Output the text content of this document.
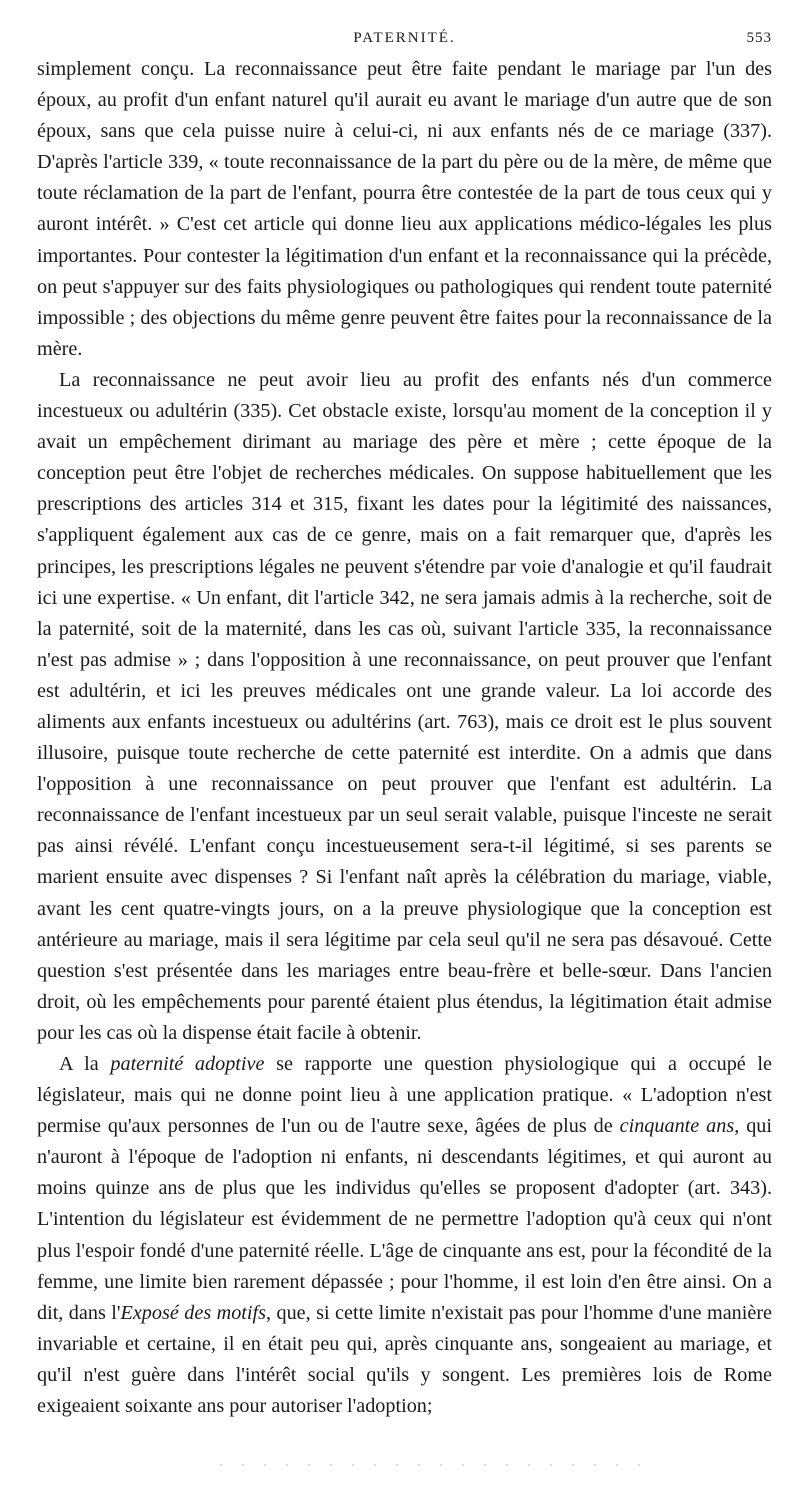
PATERNITÉ.	553

simplement conçu. La reconnaissance peut être faite pendant le mariage par l'un des époux, au profit d'un enfant naturel qu'il aurait eu avant le mariage d'un autre que de son époux, sans que cela puisse nuire à celui-ci, ni aux enfants nés de ce mariage (337). D'après l'article 339, « toute reconnaissance de la part du père ou de la mère, de même que toute réclamation de la part de l'enfant, pourra être contestée de la part de tous ceux qui y auront intérêt. » C'est cet article qui donne lieu aux applications médico-légales les plus importantes. Pour contester la légitimation d'un enfant et la reconnaissance qui la précède, on peut s'appuyer sur des faits physiologiques ou pathologiques qui rendent toute paternité impossible ; des objections du même genre peuvent être faites pour la reconnaissance de la mère.

La reconnaissance ne peut avoir lieu au profit des enfants nés d'un commerce incestueux ou adultérin (335). Cet obstacle existe, lorsqu'au moment de la conception il y avait un empêchement dirimant au mariage des père et mère ; cette époque de la conception peut être l'objet de recherches médicales. On suppose habituellement que les prescriptions des articles 314 et 315, fixant les dates pour la légitimité des naissances, s'appliquent également aux cas de ce genre, mais on a fait remarquer que, d'après les principes, les prescriptions légales ne peuvent s'étendre par voie d'analogie et qu'il faudrait ici une expertise. « Un enfant, dit l'article 342, ne sera jamais admis à la recherche, soit de la paternité, soit de la maternité, dans les cas où, suivant l'article 335, la reconnaissance n'est pas admise » ; dans l'opposition à une reconnaissance, on peut prouver que l'enfant est adultérin, et ici les preuves médicales ont une grande valeur. La loi accorde des aliments aux enfants incestueux ou adultérins (art. 763), mais ce droit est le plus souvent illusoire, puisque toute recherche de cette paternité est interdite. On a admis que dans l'opposition à une reconnaissance on peut prouver que l'enfant est adultérin. La reconnaissance de l'enfant incestueux par un seul serait valable, puisque l'inceste ne serait pas ainsi révélé. L'enfant conçu incestueusement sera-t-il légitimé, si ses parents se marient ensuite avec dispenses ? Si l'enfant naît après la célébration du mariage, viable, avant les cent quatre-vingts jours, on a la preuve physiologique que la conception est antérieure au mariage, mais il sera légitime par cela seul qu'il ne sera pas désavoué. Cette question s'est présentée dans les mariages entre beau-frère et belle-sœur. Dans l'ancien droit, où les empêchements pour parenté étaient plus étendus, la légitimation était admise pour les cas où la dispense était facile à obtenir.

A la paternité adoptive se rapporte une question physiologique qui a occupé le législateur, mais qui ne donne point lieu à une application pratique. « L'adoption n'est permise qu'aux personnes de l'un ou de l'autre sexe, âgées de plus de cinquante ans, qui n'auront à l'époque de l'adoption ni enfants, ni descendants légitimes, et qui auront au moins quinze ans de plus que les individus qu'elles se proposent d'adopter (art. 343). L'intention du législateur est évidemment de ne permettre l'adoption qu'à ceux qui n'ont plus l'espoir fondé d'une paternité réelle. L'âge de cinquante ans est, pour la fécondité de la femme, une limite bien rarement dépassée ; pour l'homme, il est loin d'en être ainsi. On a dit, dans l'Exposé des motifs, que, si cette limite n'existait pas pour l'homme d'une manière invariable et certaine, il en était peu qui, après cinquante ans, songeaient au mariage, et qu'il n'est guère dans l'intérêt social qu'ils y songent. Les premières lois de Rome exigeaient soixante ans pour autoriser l'adoption;
